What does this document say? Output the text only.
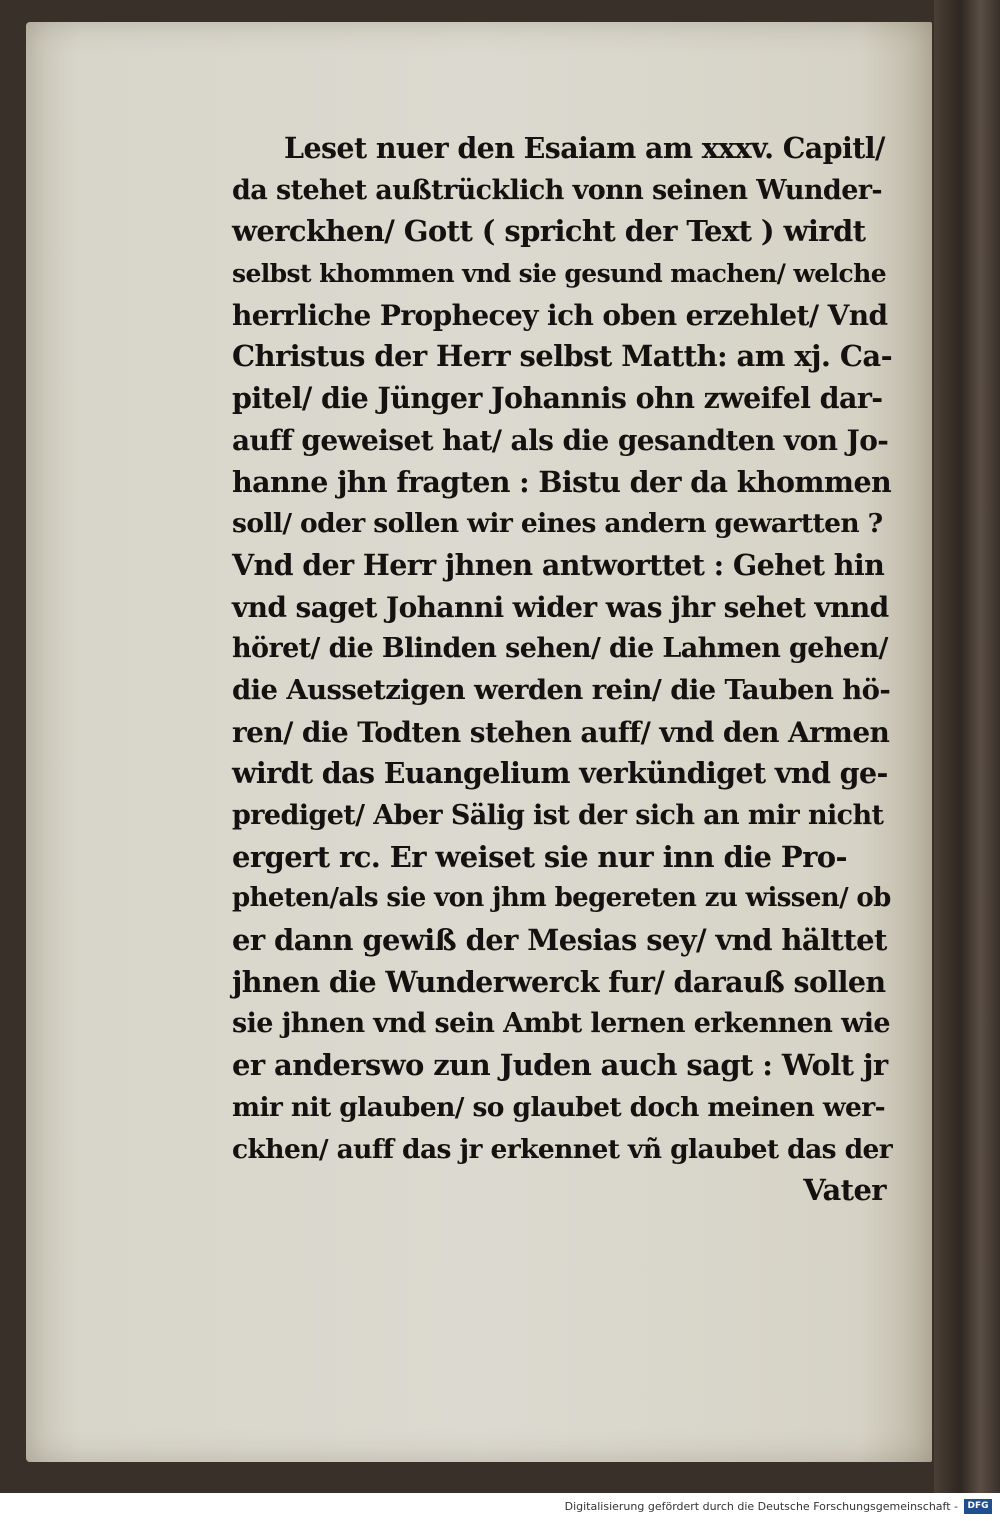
Leset nuer den Esaiam am xxxv. Capitl/
da stehet außtrücklich vonn seinen Wunder-
werckhen/ Gott ( spricht der Text ) wirdt
selbst khommen vnd sie gesund machen/ welche
herrliche Prophecey ich oben erzehlet/ Vnd
Christus der Herr selbst Matth: am xj. Ca-
pitel/ die Jünger Johannis ohn zweifel dar-
auff geweiset hat/ als die gesandten von Jo-
hanne jhn fragten : Bistu der da khommen
soll/ oder sollen wir eines andern gewartten ?
Vnd der Herr jhnen antworttet : Gehet hin
vnd saget Johanni wider was jhr sehet vnnd
höret/ die Blinden sehen/ die Lahmen gehen/
die Aussetzigen werden rein/ die Tauben hö-
ren/ die Todten stehen auff/ vnd den Armen
wirdt das Euangelium verkündiget vnd ge-
prediget/ Aber Sälig ist der sich an mir nicht
ergert rc. Er weiset sie nur inn die Pro-
pheten/als sie von jhm begereten zu wissen/ ob
er dann gewiß der Mesias sey/ vnd hälttet
jhnen die Wunderwerck fur/ darauß sollen
sie jhnen vnd sein Ambt lernen erkennen wie
er anderswo zun Juden auch sagt : Wolt jr
mir nit glauben/ so glaubet doch meinen wer-
ckhen/ auff das jr erkennet vñ glaubet das der
Vater
Digitalisierung gefördert durch die Deutsche Forschungsgemeinschaft -	DFG
